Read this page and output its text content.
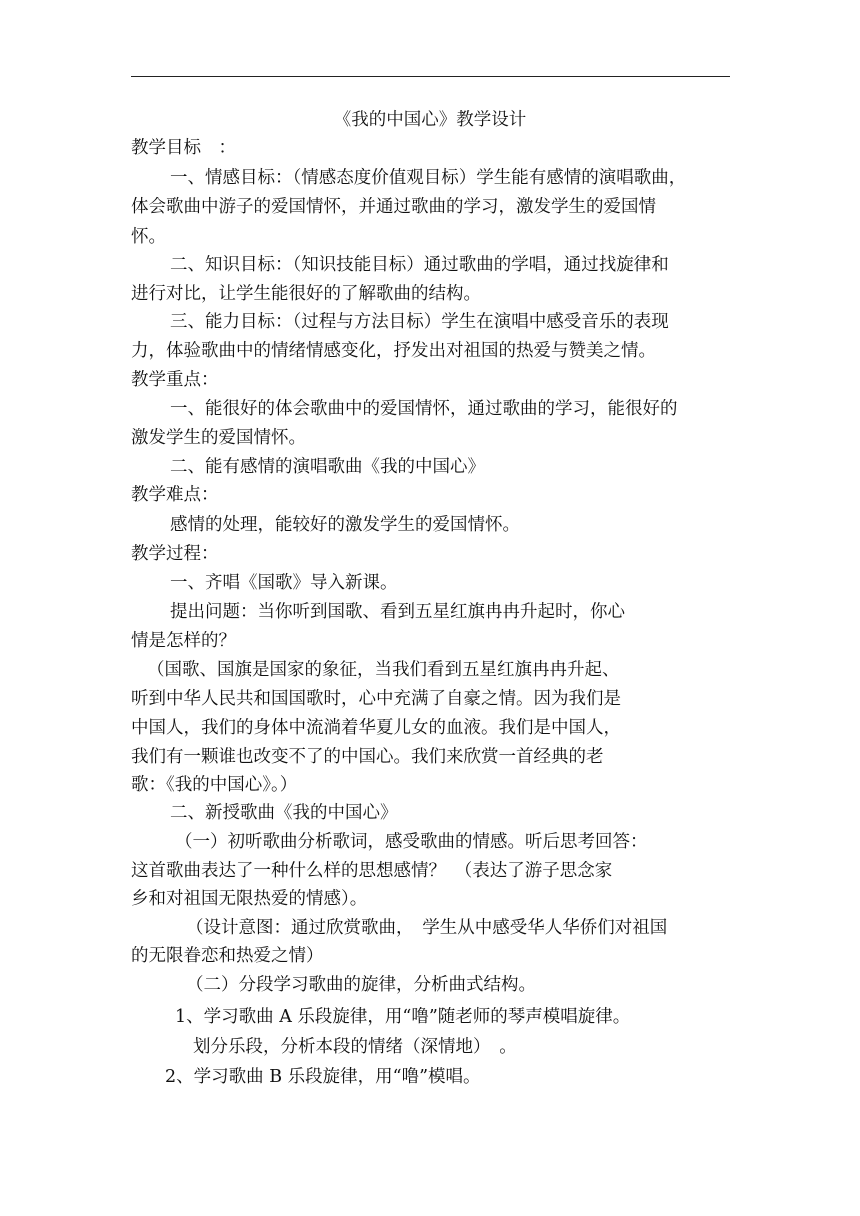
《我的中国心》教学设计
教学目标　：
一、情感目标：（情感态度价值观目标）学生能有感情的演唱歌曲，
体会歌曲中游子的爱国情怀，并通过歌曲的学习，激发学生的爱国情
怀。
二、知识目标：（知识技能目标）通过歌曲的学唱，通过找旋律和
进行对比，让学生能很好的了解歌曲的结构。
三、能力目标：（过程与方法目标）学生在演唱中感受音乐的表现
力，体验歌曲中的情绪情感变化，抒发出对祖国的热爱与赞美之情。
教学重点：
一、能很好的体会歌曲中的爱国情怀，通过歌曲的学习，能很好的
激发学生的爱国情怀。
二、能有感情的演唱歌曲《我的中国心》
教学难点：
感情的处理，能较好的激发学生的爱国情怀。
教学过程：
一、齐唱《国歌》导入新课。
提出问题：当你听到国歌、看到五星红旗冉冉升起时，你心
情是怎样的？
（国歌、国旗是国家的象征，当我们看到五星红旗冉冉升起、
听到中华人民共和国国歌时，心中充满了自豪之情。因为我们是
中国人，我们的身体中流淌着华夏儿女的血液。我们是中国人，
我们有一颗谁也改变不了的中国心。我们来欣赏一首经典的老
歌：《我的中国心》。）
二、新授歌曲《我的中国心》
（一）初听歌曲分析歌词，感受歌曲的情感。听后思考回答：
这首歌曲表达了一种什么样的思想感情？　（表达了游子思念家
乡和对祖国无限热爱的情感）。
（设计意图：通过欣赏歌曲，　学生从中感受华人华侨们对祖国
的无限眷恋和热爱之情）
（二）分段学习歌曲的旋律，分析曲式结构。
1、学习歌曲 A 乐段旋律，用“噜”随老师的琴声模唱旋律。
划分乐段，分析本段的情绪（深情地）　。
2、学习歌曲 B 乐段旋律，用“噜”模唱。
